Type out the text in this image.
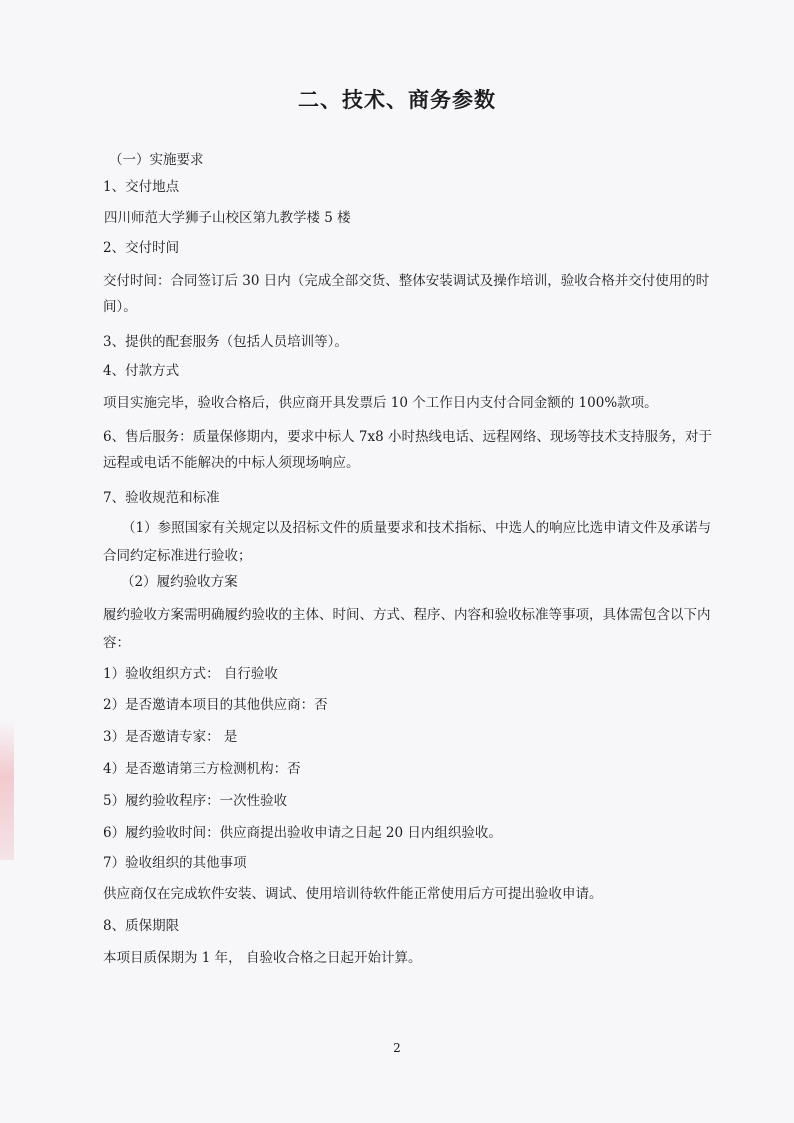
二、技术、商务参数
（一）实施要求
1、交付地点
四川师范大学狮子山校区第九教学楼 5 楼
2、交付时间
交付时间：合同签订后 30 日内（完成全部交货、整体安装调试及操作培训，验收合格并交付使用的时间）。
3、提供的配套服务（包括人员培训等）。
4、付款方式
项目实施完毕，验收合格后，供应商开具发票后 10 个工作日内支付合同金额的 100%款项。
6、售后服务：质量保修期内，要求中标人 7x8 小时热线电话、远程网络、现场等技术支持服务，对于远程或电话不能解决的中标人须现场响应。
7、验收规范和标准
（1）参照国家有关规定以及招标文件的质量要求和技术指标、中选人的响应比选申请文件及承诺与合同约定标准进行验收；
（2）履约验收方案
履约验收方案需明确履约验收的主体、时间、方式、程序、内容和验收标准等事项，具体需包含以下内容：
1）验收组织方式： 自行验收
2）是否邀请本项目的其他供应商：否
3）是否邀请专家： 是
4）是否邀请第三方检测机构：否
5）履约验收程序：一次性验收
6）履约验收时间：供应商提出验收申请之日起 20 日内组织验收。
7）验收组织的其他事项
供应商仅在完成软件安装、调试、使用培训待软件能正常使用后方可提出验收申请。
8、质保期限
本项目质保期为 1 年， 自验收合格之日起开始计算。
2
